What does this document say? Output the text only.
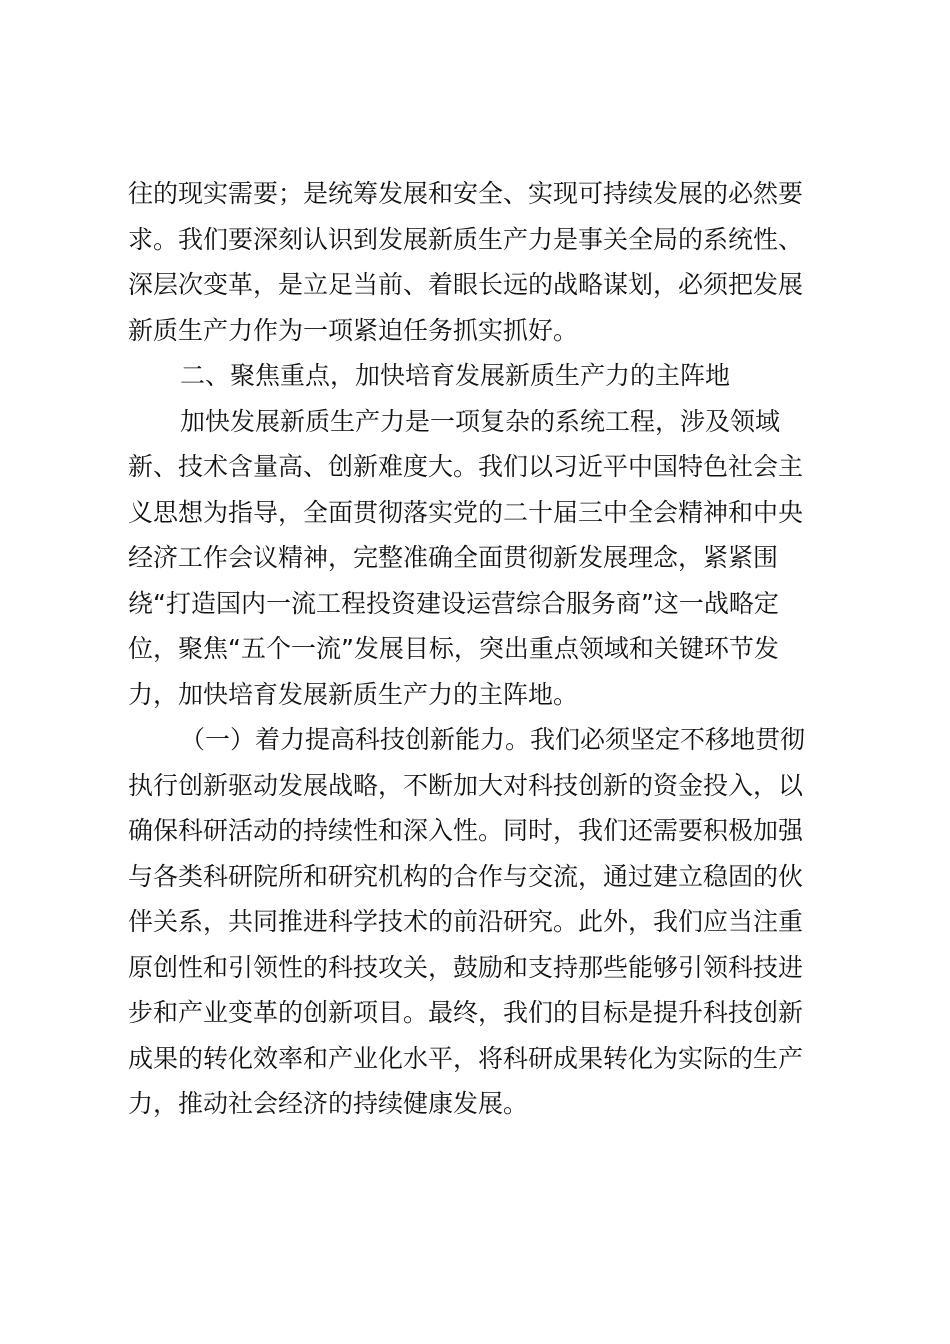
往的现实需要；是统筹发展和安全、实现可持续发展的必然要
求。我们要深刻认识到发展新质生产力是事关全局的系统性、
深层次变革，是立足当前、着眼长远的战略谋划，必须把发展
新质生产力作为一项紧迫任务抓实抓好。
二、聚焦重点，加快培育发展新质生产力的主阵地
加快发展新质生产力是一项复杂的系统工程，涉及领域
新、技术含量高、创新难度大。我们以习近平中国特色社会主
义思想为指导，全面贯彻落实党的二十届三中全会精神和中央
经济工作会议精神，完整准确全面贯彻新发展理念，紧紧围
绕“打造国内一流工程投资建设运营综合服务商”这一战略定
位，聚焦“五个一流”发展目标，突出重点领域和关键环节发
力，加快培育发展新质生产力的主阵地。
（一）着力提高科技创新能力。我们必须坚定不移地贯彻
执行创新驱动发展战略，不断加大对科技创新的资金投入，以
确保科研活动的持续性和深入性。同时，我们还需要积极加强
与各类科研院所和研究机构的合作与交流，通过建立稳固的伙
伴关系，共同推进科学技术的前沿研究。此外，我们应当注重
原创性和引领性的科技攻关，鼓励和支持那些能够引领科技进
步和产业变革的创新项目。最终，我们的目标是提升科技创新
成果的转化效率和产业化水平，将科研成果转化为实际的生产
力，推动社会经济的持续健康发展。
